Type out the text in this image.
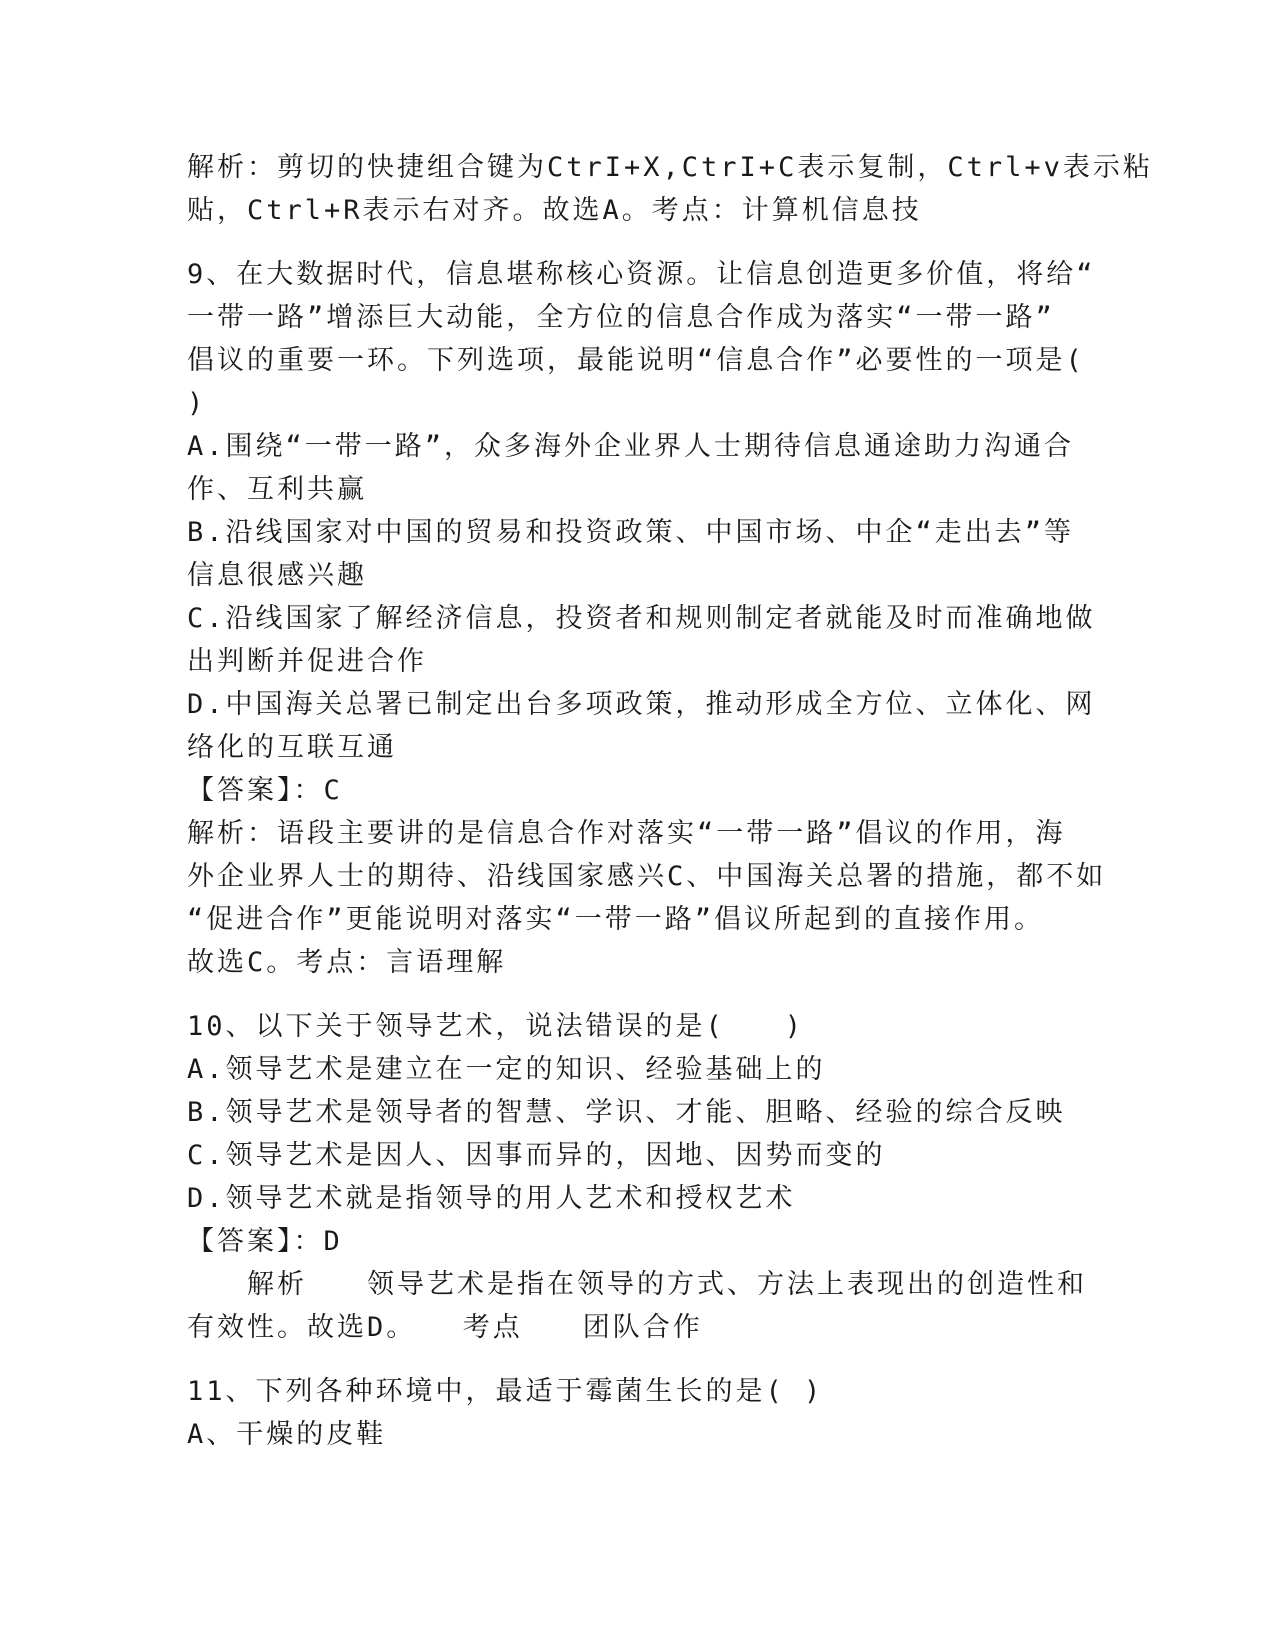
解析：剪切的快捷组合键为CtrI+X,CtrI+C表示复制，Ctrl+v表示粘
贴，Ctrl+R表示右对齐。故选A。考点：计算机信息技
9、在大数据时代，信息堪称核心资源。让信息创造更多价值，将给“
一带一路”增添巨大动能，全方位的信息合作成为落实“一带一路”
倡议的重要一环。下列选项，最能说明“信息合作”必要性的一项是(
)
A.围绕“一带一路”，众多海外企业界人士期待信息通途助力沟通合
作、互利共赢
B.沿线国家对中国的贸易和投资政策、中国市场、中企“走出去”等
信息很感兴趣
C.沿线国家了解经济信息，投资者和规则制定者就能及时而准确地做
出判断并促进合作
D.中国海关总署已制定出台多项政策，推动形成全方位、立体化、网
络化的互联互通
【答案】：C
解析：语段主要讲的是信息合作对落实“一带一路”倡议的作用，海
外企业界人士的期待、沿线国家感兴C、中国海关总署的措施，都不如
“促进合作”更能说明对落实“一带一路”倡议所起到的直接作用。
故选C。考点：言语理解
10、以下关于领导艺术，说法错误的是(　　)
A.领导艺术是建立在一定的知识、经验基础上的
B.领导艺术是领导者的智慧、学识、才能、胆略、经验的综合反映
C.领导艺术是因人、因事而异的，因地、因势而变的
D.领导艺术就是指领导的用人艺术和授权艺术
【答案】：D
　　解析　　领导艺术是指在领导的方式、方法上表现出的创造性和
有效性。故选D。　　考点　　团队合作
11、下列各种环境中，最适于霉菌生长的是( )
A、干燥的皮鞋
